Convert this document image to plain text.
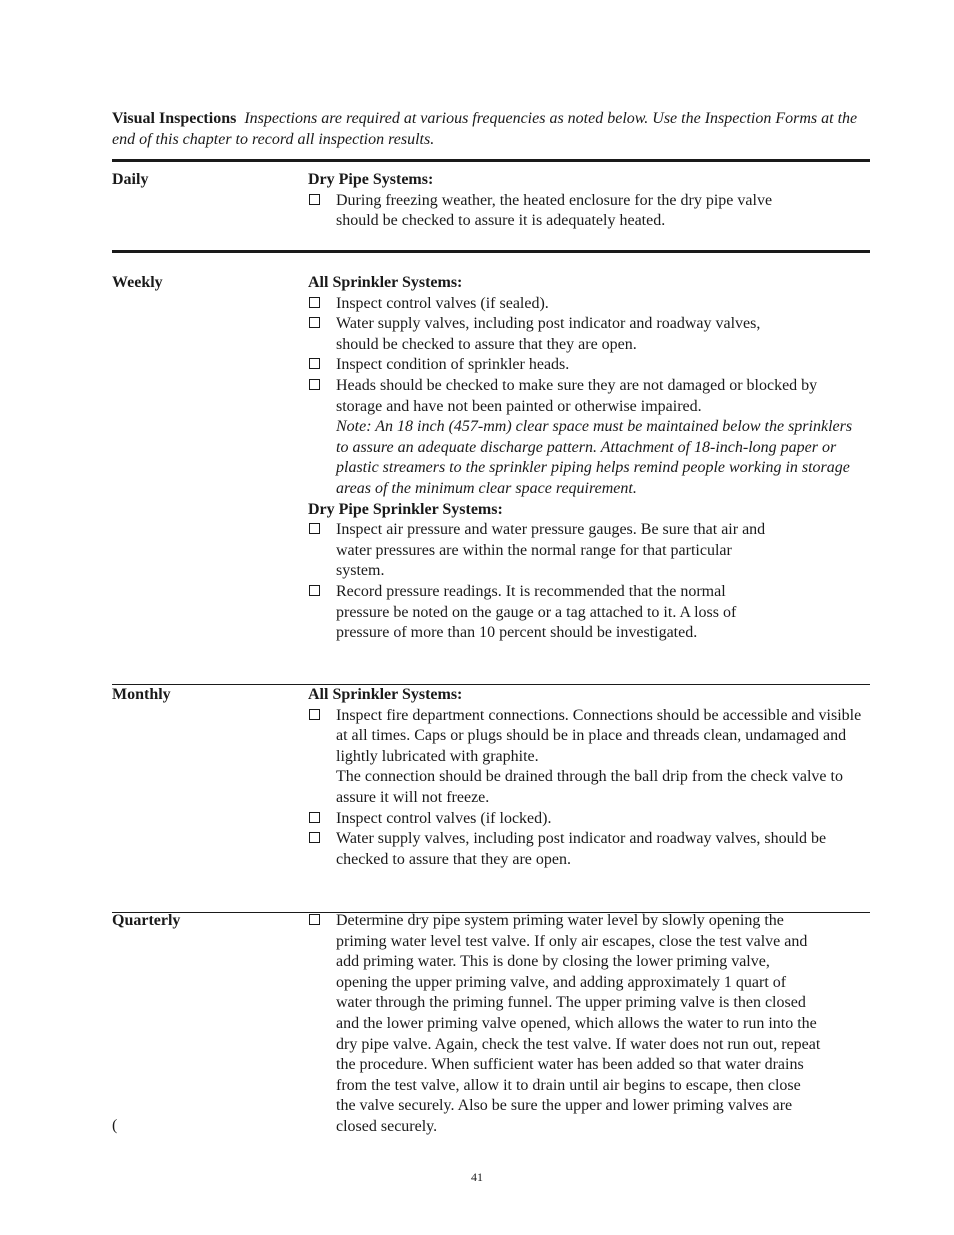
Visual Inspections Inspections are required at various frequencies as noted below. Use the Inspection Forms at the end of this chapter to record all inspection results.
Daily	Dry Pipe Systems:
During freezing weather, the heated enclosure for the dry pipe valve should be checked to assure it is adequately heated.
Weekly	All Sprinkler Systems:
Inspect control valves (if sealed).
Water supply valves, including post indicator and roadway valves, should be checked to assure that they are open.
Inspect condition of sprinkler heads.
Heads should be checked to make sure they are not damaged or blocked by storage and have not been painted or otherwise impaired.
Note: An 18 inch (457-mm) clear space must be maintained below the sprinklers to assure an adequate discharge pattern. Attachment of 18-inch-long paper or plastic streamers to the sprinkler piping helps remind people working in storage areas of the minimum clear space requirement.
Dry Pipe Sprinkler Systems:
Inspect air pressure and water pressure gauges. Be sure that air and water pressures are within the normal range for that particular system.
Record pressure readings. It is recommended that the normal pressure be noted on the gauge or a tag attached to it. A loss of pressure of more than 10 percent should be investigated.
Monthly	All Sprinkler Systems:
Inspect fire department connections. Connections should be accessible and visible at all times. Caps or plugs should be in place and threads clean, undamaged and lightly lubricated with graphite.
The connection should be drained through the ball drip from the check valve to assure it will not freeze.
Inspect control valves (if locked).
Water supply valves, including post indicator and roadway valves, should be checked to assure that they are open.
Quarterly	Determine dry pipe system priming water level by slowly opening the priming water level test valve. If only air escapes, close the test valve and add priming water. This is done by closing the lower priming valve, opening the upper priming valve, and adding approximately 1 quart of water through the priming funnel. The upper priming valve is then closed and the lower priming valve opened, which allows the water to run into the dry pipe valve. Again, check the test valve. If water does not run out, repeat the procedure. When sufficient water has been added so that water drains from the test valve, allow it to drain until air begins to escape, then close the valve securely. Also be sure the upper and lower priming valves are closed securely.
(
41
